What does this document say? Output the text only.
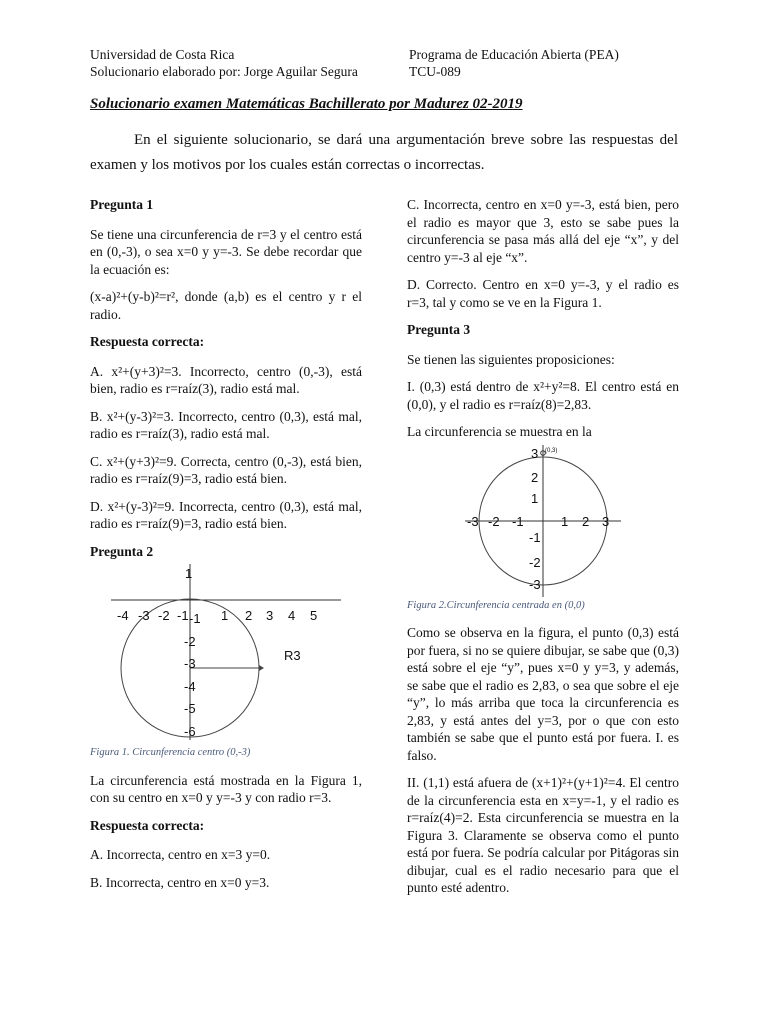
Universidad de Costa Rica
Solucionario elaborado por: Jorge Aguilar Segura
Programa de Educación Abierta (PEA)
TCU-089
Solucionario examen Matemáticas Bachillerato por Madurez 02-2019

En el siguiente solucionario, se dará una argumentación breve sobre las respuestas del examen y los motivos por los cuales están correctas o incorrectas.

Pregunta 1

Se tiene una circunferencia de r=3 y el centro está en (0,-3), o sea x=0 y y=-3. Se debe recordar que la ecuación es:

(x-a)²+(y-b)²=r², donde (a,b) es el centro y r el radio.

Respuesta correcta:

A. x²+(y+3)²=3. Incorrecto, centro (0,-3), está bien, radio es r=raíz(3), radio está mal.

B. x²+(y-3)²=3. Incorrecto, centro (0,3), está mal, radio es r=raíz(3), radio está mal.

C. x²+(y+3)²=9. Correcta, centro (0,-3), está bien, radio es r=raíz(9)=3, radio está bien.

D. x²+(y-3)²=9. Incorrecta, centro (0,3), está mal, radio es r=raíz(9)=3, radio está bien.

Pregunta 2

-4 -3 -2 -1 1 2 3 4 5
1
-1
-2
-3
-4
-5
-6
R3

Figura 1. Circunferencia centro (0,-3)

La circunferencia está mostrada en la Figura 1, con su centro en x=0 y y=-3 y con radio r=3.

Respuesta correcta:

A. Incorrecta, centro en x=3 y=0.

B. Incorrecta, centro en x=0 y=3.

C. Incorrecta, centro en x=0 y=-3, está bien, pero el radio es mayor que 3, esto se sabe pues la circunferencia se pasa más allá del eje “x”, y del centro y=-3 al eje “x”.

D. Correcto. Centro en x=0 y=-3, y el radio es r=3, tal y como se ve en la Figura 1.

Pregunta 3

Se tienen las siguientes proposiciones:

I. (0,3) está dentro de x²+y²=8. El centro está en (0,0), y el radio es r=raíz(8)=2,83.

La circunferencia se muestra en la

-3 -2 -1	1 2 3
3
2
1
-1
-2
-3
(0,3)

Figura 2.Circunferencia centrada en (0,0)

Como se observa en la figura, el punto (0,3) está por fuera, si no se quiere dibujar, se sabe que (0,3) está sobre el eje “y”, pues x=0 y y=3, y además, se sabe que el radio es 2,83, o sea que sobre el eje “y”, lo más arriba que toca la circunferencia es 2,83, y está antes del y=3, por o que con esto también se sabe que el punto está por fuera. I. es falso.

II. (1,1) está afuera de (x+1)²+(y+1)²=4. El centro de la circunferencia esta en x=y=-1, y el radio es r=raíz(4)=2. Esta circunferencia se muestra en la Figura 3. Claramente se observa como el punto está por fuera. Se podría calcular por Pitágoras sin dibujar, cual es el radio necesario para que el punto esté adentro.
